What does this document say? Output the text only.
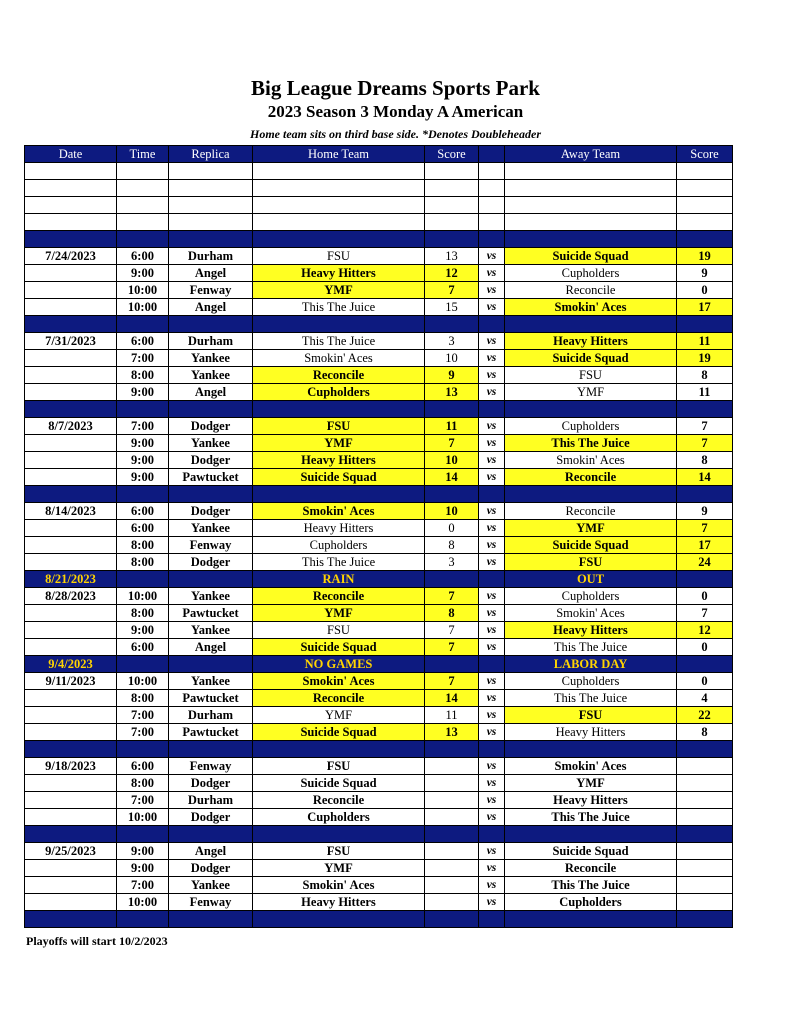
Big League Dreams Sports Park
2023 Season 3 Monday A American
Home team sits on third base side. *Denotes Doubleheader
Date	Time	Replica	Home Team	Score		Away Team	Score

7/24/2023	6:00	Durham	FSU	13	vs	Suicide Squad	19
	9:00	Angel	Heavy Hitters	12	vs	Cupholders	9
	10:00	Fenway	YMF	7	vs	Reconcile	0
	10:00	Angel	This The Juice	15	vs	Smokin' Aces	17

7/31/2023	6:00	Durham	This The Juice	3	vs	Heavy Hitters	11
	7:00	Yankee	Smokin' Aces	10	vs	Suicide Squad	19
	8:00	Yankee	Reconcile	9	vs	FSU	8
	9:00	Angel	Cupholders	13	vs	YMF	11

8/7/2023	7:00	Dodger	FSU	11	vs	Cupholders	7
	9:00	Yankee	YMF	7	vs	This The Juice	7
	9:00	Dodger	Heavy Hitters	10	vs	Smokin' Aces	8
	9:00	Pawtucket	Suicide Squad	14	vs	Reconcile	14

8/14/2023	6:00	Dodger	Smokin' Aces	10	vs	Reconcile	9
	6:00	Yankee	Heavy Hitters	0	vs	YMF	7
	8:00	Fenway	Cupholders	8	vs	Suicide Squad	17
	8:00	Dodger	This The Juice	3	vs	FSU	24
8/21/2023			RAIN			OUT	
8/28/2023	10:00	Yankee	Reconcile	7	vs	Cupholders	0
	8:00	Pawtucket	YMF	8	vs	Smokin' Aces	7
	9:00	Yankee	FSU	7	vs	Heavy Hitters	12
	6:00	Angel	Suicide Squad	7	vs	This The Juice	0
9/4/2023			NO GAMES			LABOR DAY	
9/11/2023	10:00	Yankee	Smokin' Aces	7	vs	Cupholders	0
	8:00	Pawtucket	Reconcile	14	vs	This The Juice	4
	7:00	Durham	YMF	11	vs	FSU	22
	7:00	Pawtucket	Suicide Squad	13	vs	Heavy Hitters	8

9/18/2023	6:00	Fenway	FSU		vs	Smokin' Aces	
	8:00	Dodger	Suicide Squad		vs	YMF	
	7:00	Durham	Reconcile		vs	Heavy Hitters	
	10:00	Dodger	Cupholders		vs	This The Juice	

9/25/2023	9:00	Angel	FSU		vs	Suicide Squad	
	9:00	Dodger	YMF		vs	Reconcile	
	7:00	Yankee	Smokin' Aces		vs	This The Juice	
	10:00	Fenway	Heavy Hitters		vs	Cupholders	

Playoffs will start 10/2/2023
